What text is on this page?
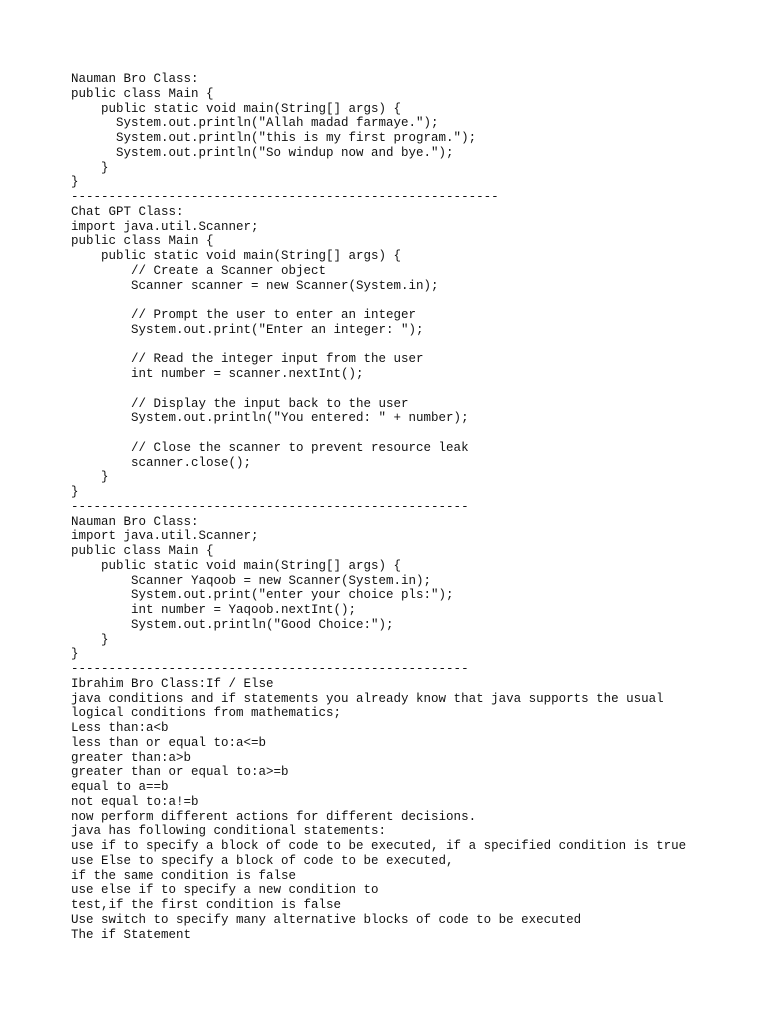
Nauman Bro Class:
public class Main {
public static void main(String[] args) {
System.out.println("Allah madad farmaye.");
System.out.println("this is my first program.");
System.out.println("So windup now and bye.");
}
}
---------------------------------------------------------
Chat GPT Class:
import java.util.Scanner;
public class Main {
public static void main(String[] args) {
// Create a Scanner object
Scanner scanner = new Scanner(System.in);
// Prompt the user to enter an integer
System.out.print("Enter an integer: ");
// Read the integer input from the user
int number = scanner.nextInt();
// Display the input back to the user
System.out.println("You entered: " + number);
// Close the scanner to prevent resource leak
scanner.close();
}
}
-----------------------------------------------------
Nauman Bro Class:
import java.util.Scanner;
public class Main {
public static void main(String[] args) {
Scanner Yaqoob = new Scanner(System.in);
System.out.print("enter your choice pls:");
int number = Yaqoob.nextInt();
System.out.println("Good Choice:");
}
}
-----------------------------------------------------
Ibrahim Bro Class:If / Else
java conditions and if statements you already know that java supports the usual
logical conditions from mathematics;
Less than:a<b
less than or equal to:a<=b
greater than:a>b
greater than or equal to:a>=b
equal to a==b
not equal to:a!=b
now perform different actions for different decisions.
java has following conditional statements:
use if to specify a block of code to be executed, if a specified condition is true
use Else to specify a block of code to be executed,
if the same condition is false
use else if to specify a new condition to
test,if the first condition is false
Use switch to specify many alternative blocks of code to be executed
The if Statement
